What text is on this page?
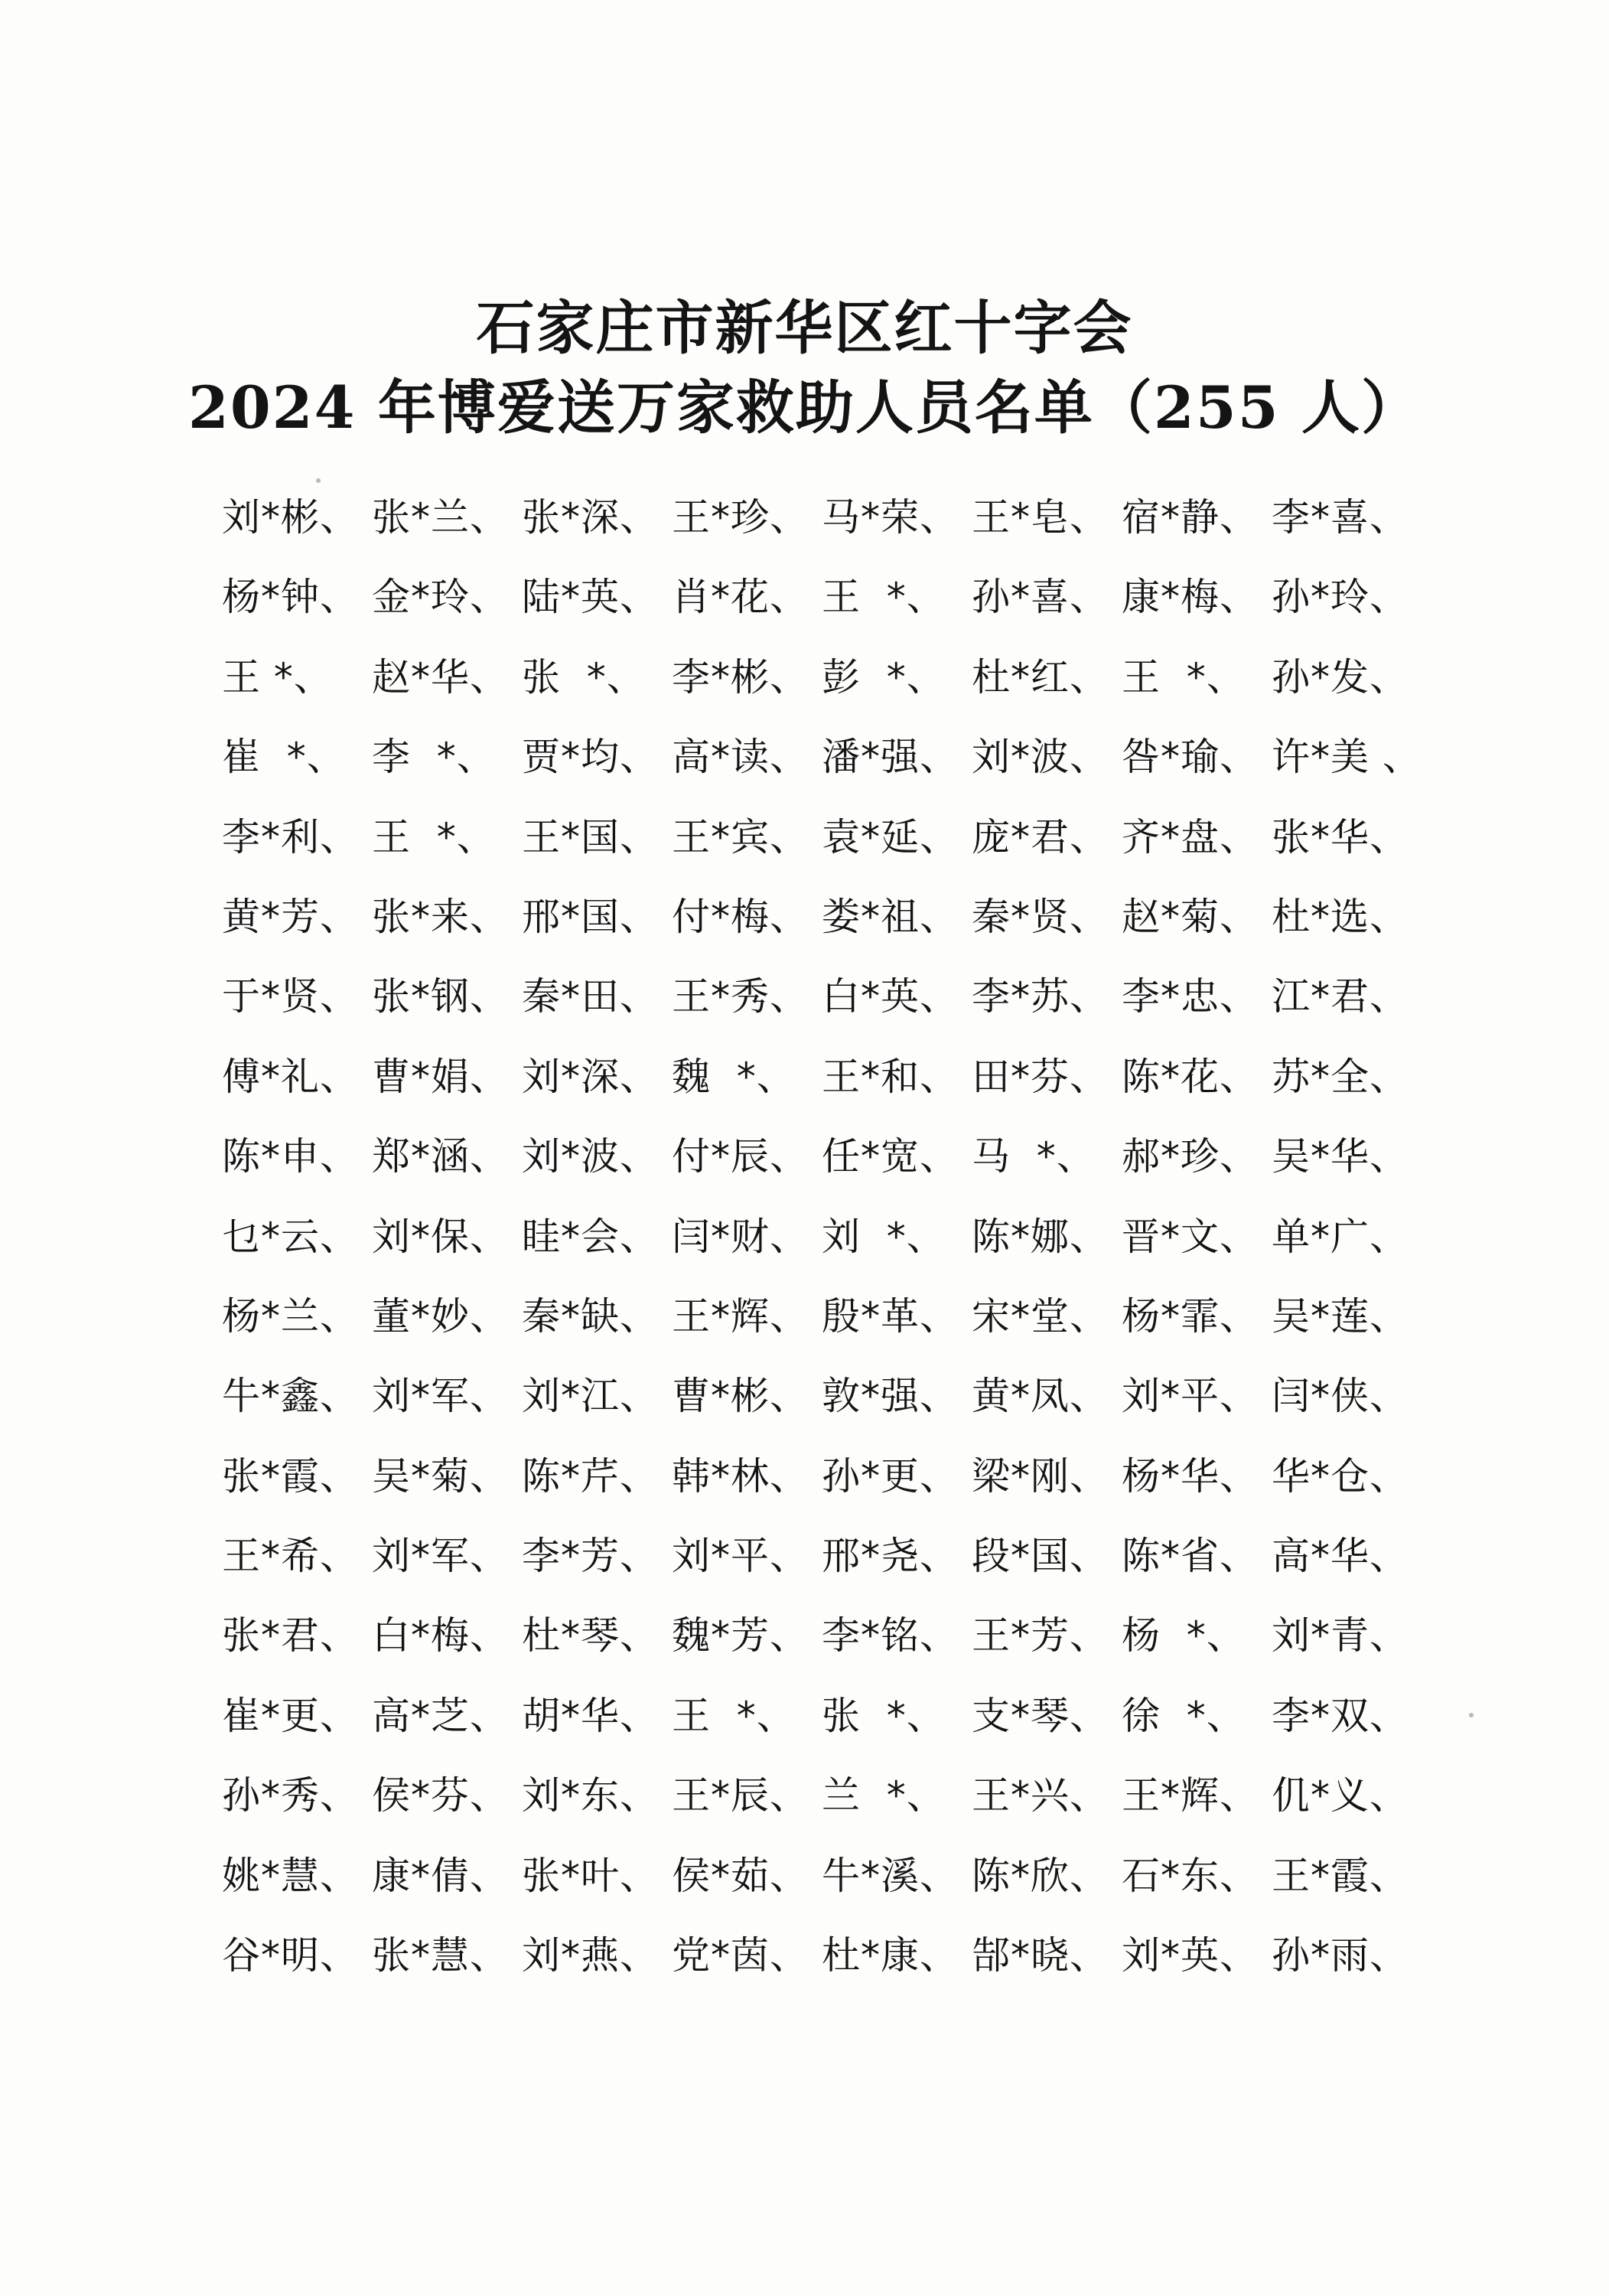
石家庄市新华区红十字会
2024 年博爱送万家救助人员名单（255 人）
刘*彬、 张*兰、 张*深、 王*珍、 马*荣、 王*皂、 宿*静、 李*喜、
杨*钟、 金*玲、 陆*英、 肖*花、 王  *、 孙*喜、 康*梅、 孙*玲、
王 *、	赵*华、 张  *、 李*彬、 彭  *、 杜*红、 王  *、 孙*发、
崔  *、 李  *、 贾*均、 高*读、 潘*强、 刘*波、 咎*瑜、 许*美 、
李*利、 王  *、 王*国、 王*宾、 袁*延、 庞*君、 齐*盘、 张*华、
黄*芳、 张*来、 邢*国、 付*梅、 娄*祖、 秦*贤、 赵*菊、 杜*选、
于*贤、 张*钢、 秦*田、 王*秀、 白*英、 李*苏、 李*忠、 江*君、
傅*礼、 曹*娟、 刘*深、 魏  *、 王*和、 田*芬、 陈*花、 苏*全、
陈*申、 郑*涵、 刘*波、 付*辰、 任*宽、 马  *、 郝*珍、 吴*华、
乜*云、 刘*保、 眭*会、 闫*财、 刘  *、 陈*娜、 晋*文、 单*广、
杨*兰、 董*妙、 秦*缺、 王*辉、 殷*革、 宋*堂、 杨*霏、 吴*莲、
牛*鑫、 刘*军、 刘*江、 曹*彬、 敦*强、 黄*凤、 刘*平、 闫*侠、
张*霞、 吴*菊、 陈*芹、 韩*林、 孙*更、 梁*刚、 杨*华、 华*仓、
王*希、 刘*军、 李*芳、 刘*平、 邢*尧、 段*国、 陈*省、 高*华、
张*君、 白*梅、 杜*琴、 魏*芳、 李*铭、 王*芳、 杨  *、 刘*青、
崔*更、 高*芝、 胡*华、 王  *、 张  *、 支*琴、 徐  *、 李*双、
孙*秀、 侯*芬、 刘*东、 王*辰、 兰  *、 王*兴、 王*辉、 仉*义、
姚*慧、 康*倩、 张*叶、 侯*茹、 牛*溪、 陈*欣、 石*东、 王*霞、
谷*明、 张*慧、 刘*燕、 党*茵、 杜*康、 郜*晓、 刘*英、 孙*雨、
